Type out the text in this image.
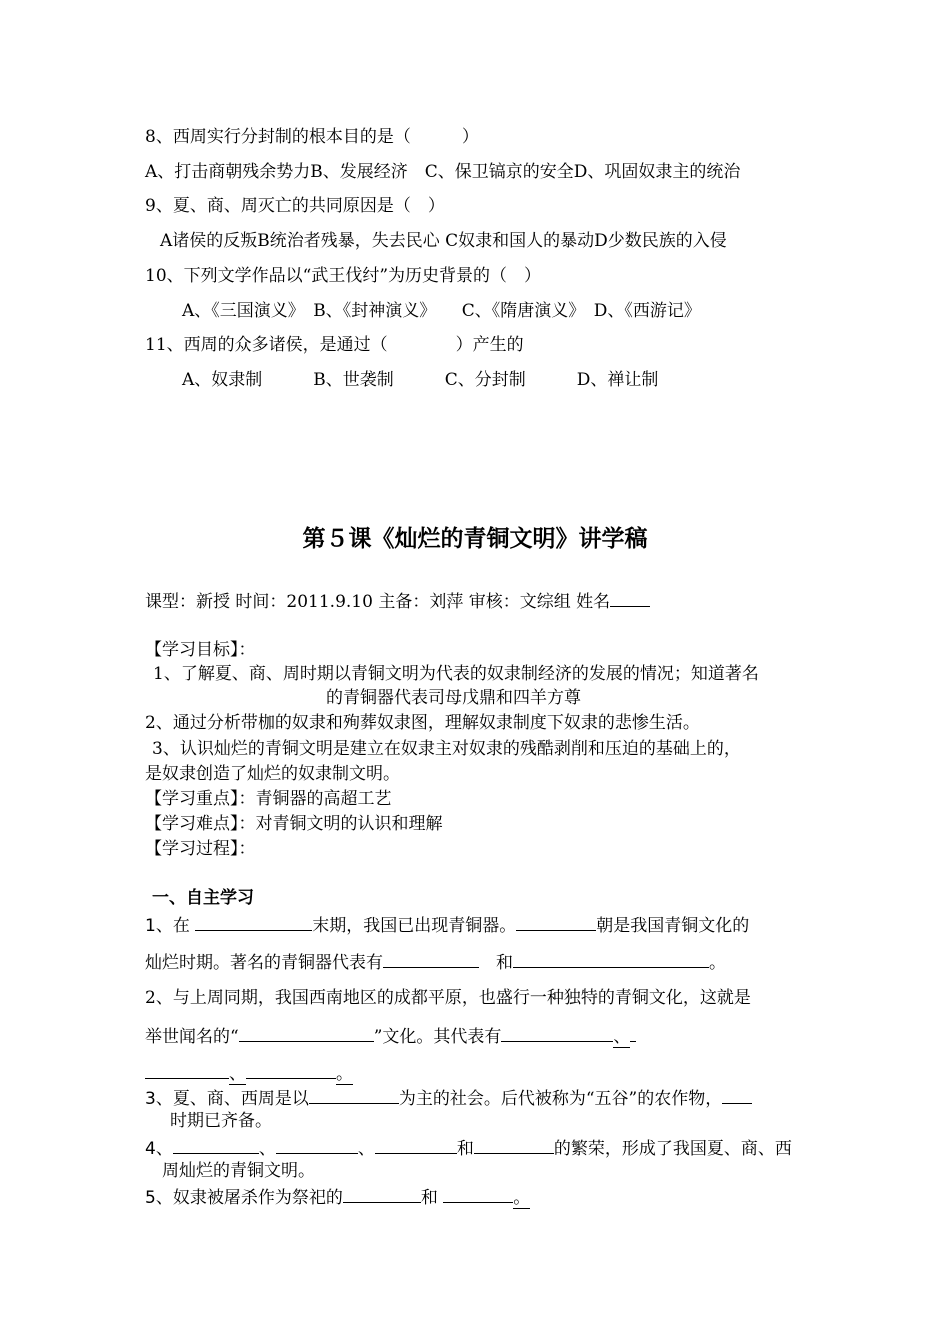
8、西周实行分封制的根本目的是（　　　）
A、打击商朝残余势力B、发展经济　C、保卫镐京的安全D、巩固奴隶主的统治
9、夏、商、周灭亡的共同原因是（　）
A诸侯的反叛B统治者残暴，失去民心 C奴隶和国人的暴动D少数民族的入侵
10、下列文学作品以“武王伐纣”为历史背景的（　）
A、《三国演义》　B、《封神演义》　　C、《隋唐演义》　D、《西游记》
11、西周的众多诸侯，是通过（　　　　）产生的
A、奴隶制　　　B、世袭制　　　C、分封制　　　D、禅让制
第５课《灿烂的青铜文明》讲学稿
课型：新授 时间：2011.9.10 主备：刘萍 审核：文综组 姓名
【学习目标】：
1、了解夏、商、周时期以青铜文明为代表的奴隶制经济的发展的情况；知道著名
的青铜器代表司母戊鼎和四羊方尊
2、通过分析带枷的奴隶和殉葬奴隶图，理解奴隶制度下奴隶的悲惨生活。
3、认识灿烂的青铜文明是建立在奴隶主对奴隶的残酷剥削和压迫的基础上的，
是奴隶创造了灿烂的奴隶制文明。
【学习重点】：青铜器的高超工艺
【学习难点】：对青铜文明的认识和理解
【学习过程】：
一、自主学习
1、在	末期，我国已出现青铜器。	朝是我国青铜文化的
灿烂时期。著名的青铜器代表有	　和	。
2、与上周同期，我国西南地区的成都平原，也盛行一种独特的青铜文化，这就是
举世闻名的“	”文化。其代表有	、
、	。
3、夏、商、西周是以	为主的社会。后代被称为“五谷”的农作物，
时期已齐备。
4、	、	、	和	的繁荣，形成了我国夏、商、西
周灿烂的青铜文明。
5、奴隶被屠杀作为祭祀的	和	。
